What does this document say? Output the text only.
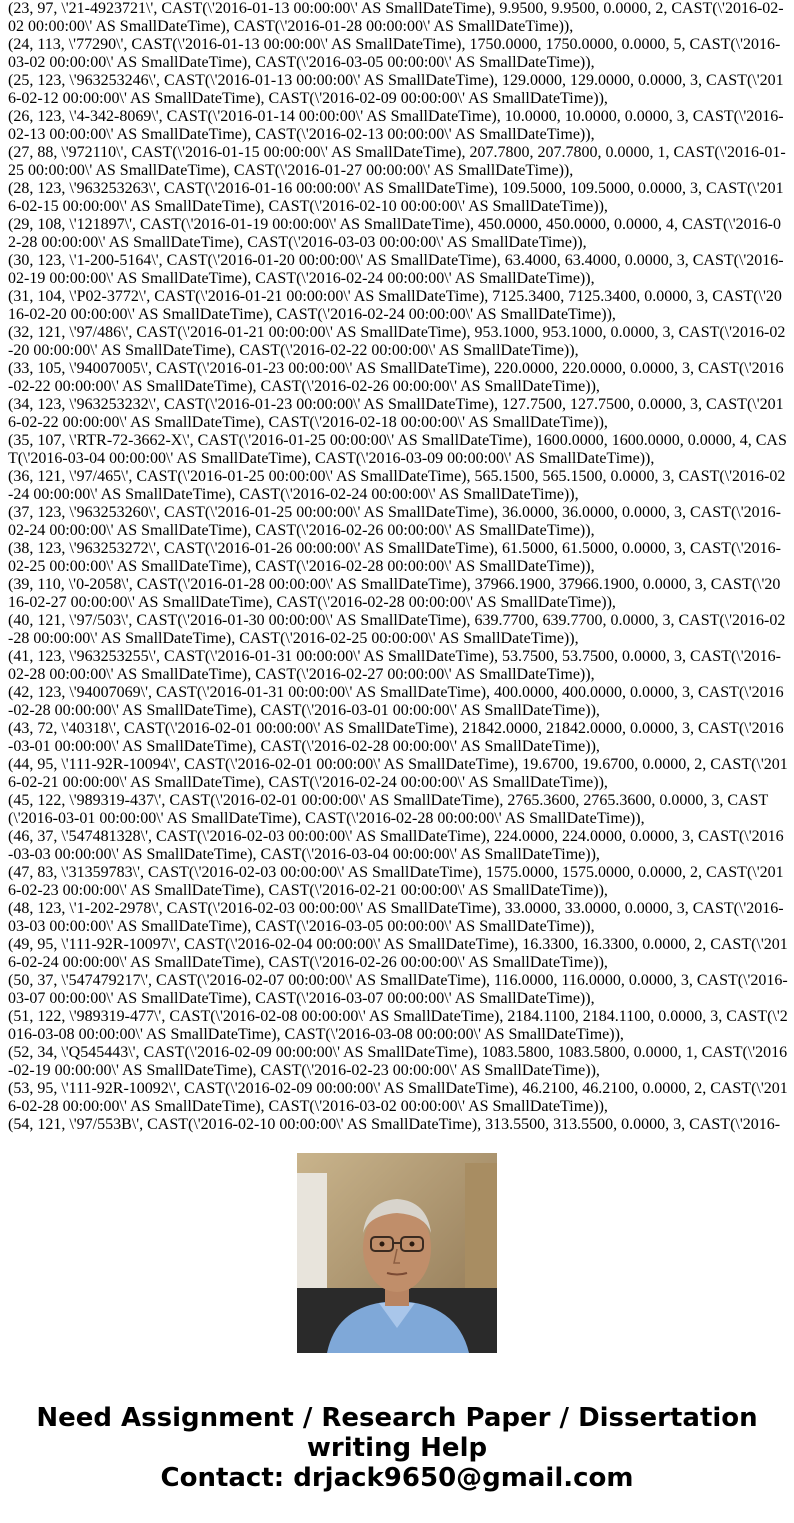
(23, 97, \'21-4923721\', CAST(\'2016-01-13 00:00:00\' AS SmallDateTime), 9.9500, 9.9500, 0.0000, 2, CAST(\'2016-02-02 00:00:00\' AS SmallDateTime), CAST(\'2016-01-28 00:00:00\' AS SmallDateTime)),
(24, 113, \'77290\', CAST(\'2016-01-13 00:00:00\' AS SmallDateTime), 1750.0000, 1750.0000, 0.0000, 5, CAST(\'2016-03-02 00:00:00\' AS SmallDateTime), CAST(\'2016-03-05 00:00:00\' AS SmallDateTime)),
(25, 123, \'963253246\', CAST(\'2016-01-13 00:00:00\' AS SmallDateTime), 129.0000, 129.0000, 0.0000, 3, CAST(\'2016-02-12 00:00:00\' AS SmallDateTime), CAST(\'2016-02-09 00:00:00\' AS SmallDateTime)),
(26, 123, \'4-342-8069\', CAST(\'2016-01-14 00:00:00\' AS SmallDateTime), 10.0000, 10.0000, 0.0000, 3, CAST(\'2016-02-13 00:00:00\' AS SmallDateTime), CAST(\'2016-02-13 00:00:00\' AS SmallDateTime)),
(27, 88, \'972110\', CAST(\'2016-01-15 00:00:00\' AS SmallDateTime), 207.7800, 207.7800, 0.0000, 1, CAST(\'2016-01-25 00:00:00\' AS SmallDateTime), CAST(\'2016-01-27 00:00:00\' AS SmallDateTime)),
(28, 123, \'963253263\', CAST(\'2016-01-16 00:00:00\' AS SmallDateTime), 109.5000, 109.5000, 0.0000, 3, CAST(\'2016-02-15 00:00:00\' AS SmallDateTime), CAST(\'2016-02-10 00:00:00\' AS SmallDateTime)),
(29, 108, \'121897\', CAST(\'2016-01-19 00:00:00\' AS SmallDateTime), 450.0000, 450.0000, 0.0000, 4, CAST(\'2016-02-28 00:00:00\' AS SmallDateTime), CAST(\'2016-03-03 00:00:00\' AS SmallDateTime)),
(30, 123, \'1-200-5164\', CAST(\'2016-01-20 00:00:00\' AS SmallDateTime), 63.4000, 63.4000, 0.0000, 3, CAST(\'2016-02-19 00:00:00\' AS SmallDateTime), CAST(\'2016-02-24 00:00:00\' AS SmallDateTime)),
(31, 104, \'P02-3772\', CAST(\'2016-01-21 00:00:00\' AS SmallDateTime), 7125.3400, 7125.3400, 0.0000, 3, CAST(\'2016-02-20 00:00:00\' AS SmallDateTime), CAST(\'2016-02-24 00:00:00\' AS SmallDateTime)),
(32, 121, \'97/486\', CAST(\'2016-01-21 00:00:00\' AS SmallDateTime), 953.1000, 953.1000, 0.0000, 3, CAST(\'2016-02-20 00:00:00\' AS SmallDateTime), CAST(\'2016-02-22 00:00:00\' AS SmallDateTime)),
(33, 105, \'94007005\', CAST(\'2016-01-23 00:00:00\' AS SmallDateTime), 220.0000, 220.0000, 0.0000, 3, CAST(\'2016-02-22 00:00:00\' AS SmallDateTime), CAST(\'2016-02-26 00:00:00\' AS SmallDateTime)),
(34, 123, \'963253232\', CAST(\'2016-01-23 00:00:00\' AS SmallDateTime), 127.7500, 127.7500, 0.0000, 3, CAST(\'2016-02-22 00:00:00\' AS SmallDateTime), CAST(\'2016-02-18 00:00:00\' AS SmallDateTime)),
(35, 107, \'RTR-72-3662-X\', CAST(\'2016-01-25 00:00:00\' AS SmallDateTime), 1600.0000, 1600.0000, 0.0000, 4, CAST(\'2016-03-04 00:00:00\' AS SmallDateTime), CAST(\'2016-03-09 00:00:00\' AS SmallDateTime)),
(36, 121, \'97/465\', CAST(\'2016-01-25 00:00:00\' AS SmallDateTime), 565.1500, 565.1500, 0.0000, 3, CAST(\'2016-02-24 00:00:00\' AS SmallDateTime), CAST(\'2016-02-24 00:00:00\' AS SmallDateTime)),
(37, 123, \'963253260\', CAST(\'2016-01-25 00:00:00\' AS SmallDateTime), 36.0000, 36.0000, 0.0000, 3, CAST(\'2016-02-24 00:00:00\' AS SmallDateTime), CAST(\'2016-02-26 00:00:00\' AS SmallDateTime)),
(38, 123, \'963253272\', CAST(\'2016-01-26 00:00:00\' AS SmallDateTime), 61.5000, 61.5000, 0.0000, 3, CAST(\'2016-02-25 00:00:00\' AS SmallDateTime), CAST(\'2016-02-28 00:00:00\' AS SmallDateTime)),
(39, 110, \'0-2058\', CAST(\'2016-01-28 00:00:00\' AS SmallDateTime), 37966.1900, 37966.1900, 0.0000, 3, CAST(\'2016-02-27 00:00:00\' AS SmallDateTime), CAST(\'2016-02-28 00:00:00\' AS SmallDateTime)),
(40, 121, \'97/503\', CAST(\'2016-01-30 00:00:00\' AS SmallDateTime), 639.7700, 639.7700, 0.0000, 3, CAST(\'2016-02-28 00:00:00\' AS SmallDateTime), CAST(\'2016-02-25 00:00:00\' AS SmallDateTime)),
(41, 123, \'963253255\', CAST(\'2016-01-31 00:00:00\' AS SmallDateTime), 53.7500, 53.7500, 0.0000, 3, CAST(\'2016-02-28 00:00:00\' AS SmallDateTime), CAST(\'2016-02-27 00:00:00\' AS SmallDateTime)),
(42, 123, \'94007069\', CAST(\'2016-01-31 00:00:00\' AS SmallDateTime), 400.0000, 400.0000, 0.0000, 3, CAST(\'2016-02-28 00:00:00\' AS SmallDateTime), CAST(\'2016-03-01 00:00:00\' AS SmallDateTime)),
(43, 72, \'40318\', CAST(\'2016-02-01 00:00:00\' AS SmallDateTime), 21842.0000, 21842.0000, 0.0000, 3, CAST(\'2016-03-01 00:00:00\' AS SmallDateTime), CAST(\'2016-02-28 00:00:00\' AS SmallDateTime)),
(44, 95, \'111-92R-10094\', CAST(\'2016-02-01 00:00:00\' AS SmallDateTime), 19.6700, 19.6700, 0.0000, 2, CAST(\'2016-02-21 00:00:00\' AS SmallDateTime), CAST(\'2016-02-24 00:00:00\' AS SmallDateTime)),
(45, 122, \'989319-437\', CAST(\'2016-02-01 00:00:00\' AS SmallDateTime), 2765.3600, 2765.3600, 0.0000, 3, CAST(\'2016-03-01 00:00:00\' AS SmallDateTime), CAST(\'2016-02-28 00:00:00\' AS SmallDateTime)),
(46, 37, \'547481328\', CAST(\'2016-02-03 00:00:00\' AS SmallDateTime), 224.0000, 224.0000, 0.0000, 3, CAST(\'2016-03-03 00:00:00\' AS SmallDateTime), CAST(\'2016-03-04 00:00:00\' AS SmallDateTime)),
(47, 83, \'31359783\', CAST(\'2016-02-03 00:00:00\' AS SmallDateTime), 1575.0000, 1575.0000, 0.0000, 2, CAST(\'2016-02-23 00:00:00\' AS SmallDateTime), CAST(\'2016-02-21 00:00:00\' AS SmallDateTime)),
(48, 123, \'1-202-2978\', CAST(\'2016-02-03 00:00:00\' AS SmallDateTime), 33.0000, 33.0000, 0.0000, 3, CAST(\'2016-03-03 00:00:00\' AS SmallDateTime), CAST(\'2016-03-05 00:00:00\' AS SmallDateTime)),
(49, 95, \'111-92R-10097\', CAST(\'2016-02-04 00:00:00\' AS SmallDateTime), 16.3300, 16.3300, 0.0000, 2, CAST(\'2016-02-24 00:00:00\' AS SmallDateTime), CAST(\'2016-02-26 00:00:00\' AS SmallDateTime)),
(50, 37, \'547479217\', CAST(\'2016-02-07 00:00:00\' AS SmallDateTime), 116.0000, 116.0000, 0.0000, 3, CAST(\'2016-03-07 00:00:00\' AS SmallDateTime), CAST(\'2016-03-07 00:00:00\' AS SmallDateTime)),
(51, 122, \'989319-477\', CAST(\'2016-02-08 00:00:00\' AS SmallDateTime), 2184.1100, 2184.1100, 0.0000, 3, CAST(\'2016-03-08 00:00:00\' AS SmallDateTime), CAST(\'2016-03-08 00:00:00\' AS SmallDateTime)),
(52, 34, \'Q545443\', CAST(\'2016-02-09 00:00:00\' AS SmallDateTime), 1083.5800, 1083.5800, 0.0000, 1, CAST(\'2016-02-19 00:00:00\' AS SmallDateTime), CAST(\'2016-02-23 00:00:00\' AS SmallDateTime)),
(53, 95, \'111-92R-10092\', CAST(\'2016-02-09 00:00:00\' AS SmallDateTime), 46.2100, 46.2100, 0.0000, 2, CAST(\'2016-02-28 00:00:00\' AS SmallDateTime), CAST(\'2016-03-02 00:00:00\' AS SmallDateTime)),
(54, 121, \'97/553B\', CAST(\'2016-02-10 00:00:00\' AS SmallDateTime), 313.5500, 313.5500, 0.0000, 3, CAST(\'2016-
Need Assignment / Research Paper / Dissertation
writing Help
Contact: drjack9650@gmail.com
